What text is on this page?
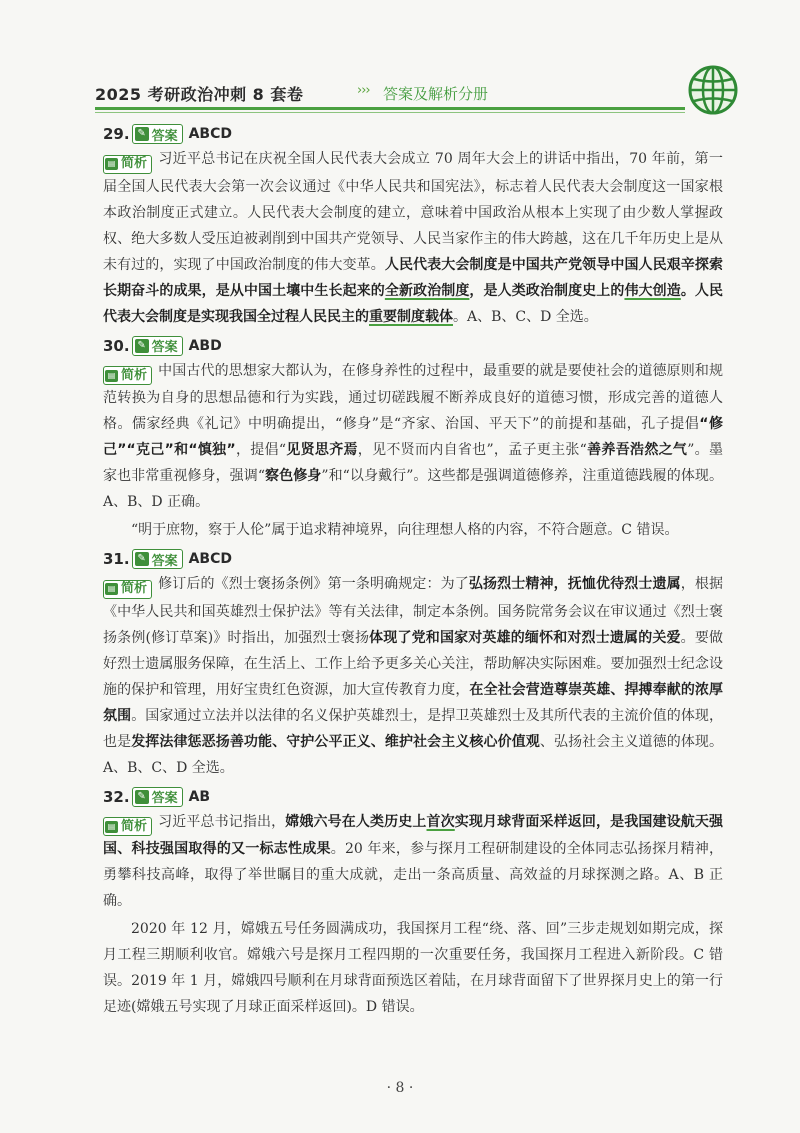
2025 考研政治冲刺 8 套卷	››› 答案及解析分册
29. ✎ 答案 ABCD

▤ 简析 习近平总书记在庆祝全国人民代表大会成立 70 周年大会上的讲话中指出，70 年前，第一届全国人民代表大会第一次会议通过《中华人民共和国宪法》，标志着人民代表大会制度这一国家根本政治制度正式建立。人民代表大会制度的建立，意味着中国政治从根本上实现了由少数人掌握政权、绝大多数人受压迫被剥削到中国共产党领导、人民当家作主的伟大跨越，这在几千年历史上是从未有过的，实现了中国政治制度的伟大变革。人民代表大会制度是中国共产党领导中国人民艰辛探索长期奋斗的成果，是从中国土壤中生长起来的全新政治制度，是人类政治制度史上的伟大创造。人民代表大会制度是实现我国全过程人民民主的重要制度载体。A、B、C、D 全选。

30. ✎ 答案 ABD

▤ 简析 中国古代的思想家大都认为，在修身养性的过程中，最重要的就是要使社会的道德原则和规范转换为自身的思想品德和行为实践，通过切磋践履不断养成良好的道德习惯，形成完善的道德人格。儒家经典《礼记》中明确提出，“修身”是“齐家、治国、平天下”的前提和基础，孔子提倡“修己”“克己”和“慎独”，提倡“见贤思齐焉，见不贤而内自省也”，孟子更主张“善养吾浩然之气”。墨家也非常重视修身，强调“察色修身”和“以身戴行”。这些都是强调道德修养，注重道德践履的体现。A、B、D 正确。

“明于庶物，察于人伦”属于追求精神境界，向往理想人格的内容，不符合题意。C 错误。

31. ✎ 答案 ABCD

▤ 简析 修订后的《烈士褒扬条例》第一条明确规定：为了弘扬烈士精神，抚恤优待烈士遗属，根据《中华人民共和国英雄烈士保护法》等有关法律，制定本条例。国务院常务会议在审议通过《烈士褒扬条例(修订草案)》时指出，加强烈士褒扬体现了党和国家对英雄的缅怀和对烈士遗属的关爱。要做好烈士遗属服务保障，在生活上、工作上给予更多关心关注，帮助解决实际困难。要加强烈士纪念设施的保护和管理，用好宝贵红色资源，加大宣传教育力度，在全社会营造尊崇英雄、捍搏奉献的浓厚氛围。国家通过立法并以法律的名义保护英雄烈士，是捍卫英雄烈士及其所代表的主流价值的体现，也是发挥法律惩恶扬善功能、守护公平正义、维护社会主义核心价值观、弘扬社会主义道德的体现。A、B、C、D 全选。

32. ✎ 答案 AB

▤ 简析 习近平总书记指出，嫦娥六号在人类历史上首次实现月球背面采样返回，是我国建设航天强国、科技强国取得的又一标志性成果。20 年来，参与探月工程研制建设的全体同志弘扬探月精神，勇攀科技高峰，取得了举世瞩目的重大成就，走出一条高质量、高效益的月球探测之路。A、B 正确。

2020 年 12 月，嫦娥五号任务圆满成功，我国探月工程“绕、落、回”三步走规划如期完成，探月工程三期顺利收官。嫦娥六号是探月工程四期的一次重要任务，我国探月工程进入新阶段。C 错误。2019 年 1 月，嫦娥四号顺利在月球背面预选区着陆，在月球背面留下了世界探月史上的第一行足迹(嫦娥五号实现了月球正面采样返回)。D 错误。

· 8 ·
